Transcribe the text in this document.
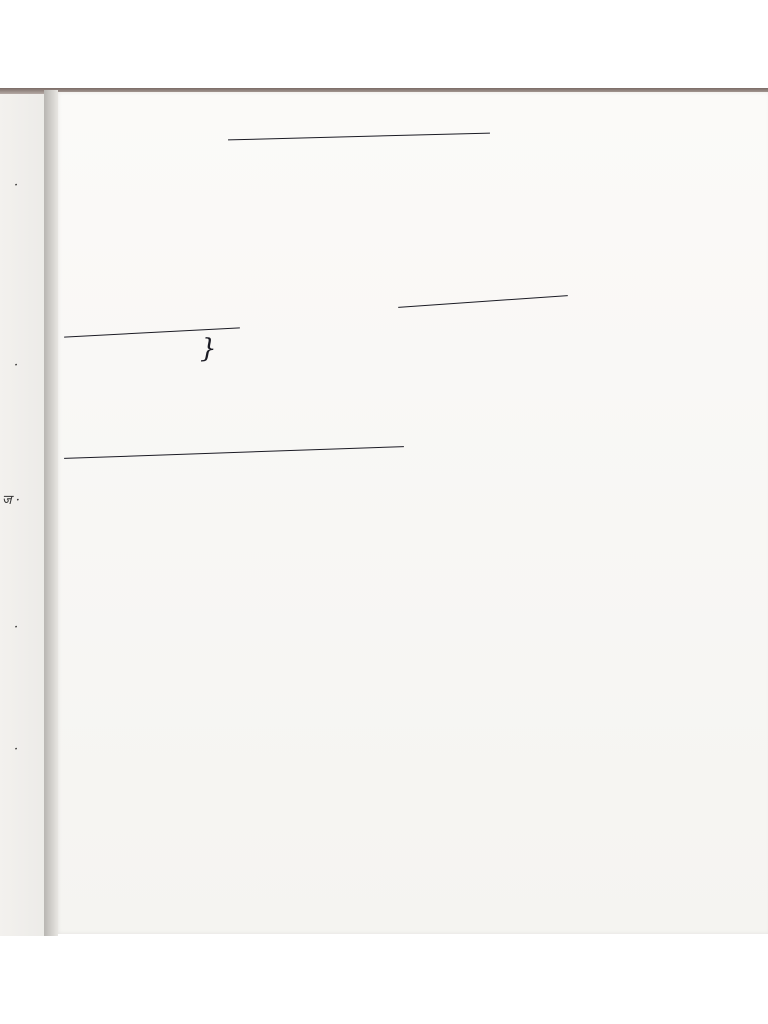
·
·
ज ·
·
·
}
